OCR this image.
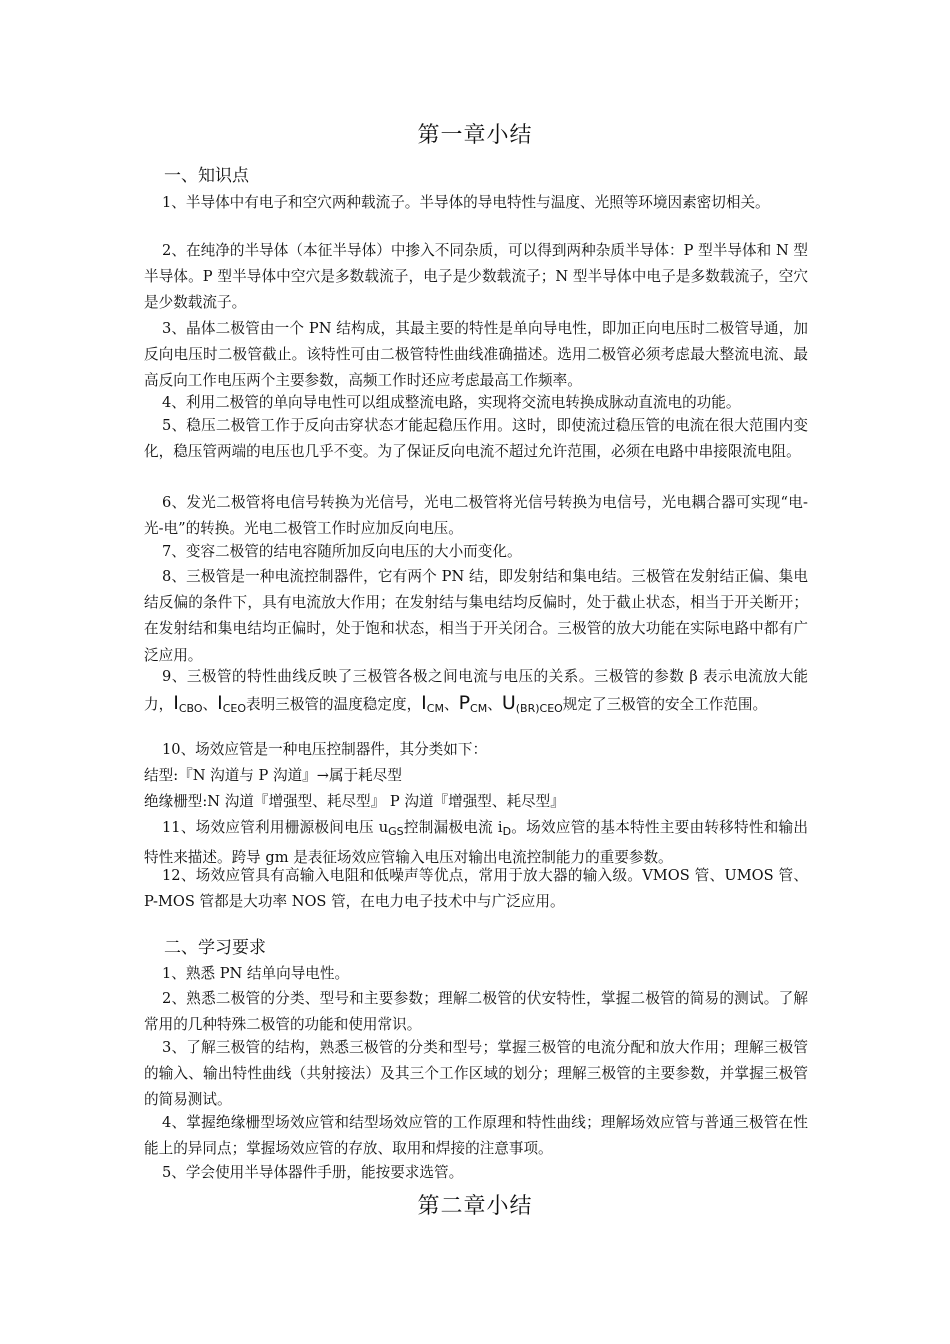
第一章小结
一、知识点
1、半导体中有电子和空穴两种载流子。半导体的导电特性与温度、光照等环境因素密切相关。
2、在纯净的半导体（本征半导体）中掺入不同杂质，可以得到两种杂质半导体：P 型半导体和 N 型半导体。P 型半导体中空穴是多数载流子，电子是少数载流子；N 型半导体中电子是多数载流子，空穴是少数载流子。
3、晶体二极管由一个 PN 结构成，其最主要的特性是单向导电性，即加正向电压时二极管导通，加反向电压时二极管截止。该特性可由二极管特性曲线准确描述。选用二极管必须考虑最大整流电流、最高反向工作电压两个主要参数，高频工作时还应考虑最高工作频率。
4、利用二极管的单向导电性可以组成整流电路，实现将交流电转换成脉动直流电的功能。
5、稳压二极管工作于反向击穿状态才能起稳压作用。这时，即使流过稳压管的电流在很大范围内变化，稳压管两端的电压也几乎不变。为了保证反向电流不超过允许范围，必须在电路中串接限流电阻。
6、发光二极管将电信号转换为光信号，光电二极管将光信号转换为电信号，光电耦合器可实现“电-光-电”的转换。光电二极管工作时应加反向电压。
7、变容二极管的结电容随所加反向电压的大小而变化。
8、三极管是一种电流控制器件，它有两个 PN 结，即发射结和集电结。三极管在发射结正偏、集电结反偏的条件下，具有电流放大作用；在发射结与集电结均反偏时，处于截止状态，相当于开关断开；在发射结和集电结均正偏时，处于饱和状态，相当于开关闭合。三极管的放大功能在实际电路中都有广泛应用。
9、三极管的特性曲线反映了三极管各极之间电流与电压的关系。三极管的参数 β 表示电流放大能力，$I_{CBO}$、$I_{CEO}$表明三极管的温度稳定度，$I_{CM}$、$P_{CM}$、$U_{(BR)CEO}$规定了三极管的安全工作范围。
10、场效应管是一种电压控制器件，其分类如下：
结型:『N 沟道与 P 沟道』→属于耗尽型
绝缘栅型:N 沟道『增强型、耗尽型』 P 沟道『增强型、耗尽型』
11、场效应管利用栅源极间电压 $u_{GS}$控制漏极电流 $i_D$。场效应管的基本特性主要由转移特性和输出特性来描述。跨导 gm 是表征场效应管输入电压对输出电流控制能力的重要参数。
12、场效应管具有高输入电阻和低噪声等优点，常用于放大器的输入级。VMOS 管、UMOS 管、P-MOS 管都是大功率 NOS 管，在电力电子技术中与广泛应用。
二、学习要求
1、熟悉 PN 结单向导电性。
2、熟悉二极管的分类、型号和主要参数；理解二极管的伏安特性，掌握二极管的简易的测试。了解常用的几种特殊二极管的功能和使用常识。
3、了解三极管的结构，熟悉三极管的分类和型号；掌握三极管的电流分配和放大作用；理解三极管的输入、输出特性曲线（共射接法）及其三个工作区域的划分；理解三极管的主要参数，并掌握三极管的简易测试。
4、掌握绝缘栅型场效应管和结型场效应管的工作原理和特性曲线；理解场效应管与普通三极管在性能上的异同点；掌握场效应管的存放、取用和焊接的注意事项。
5、学会使用半导体器件手册，能按要求选管。
第二章小结
